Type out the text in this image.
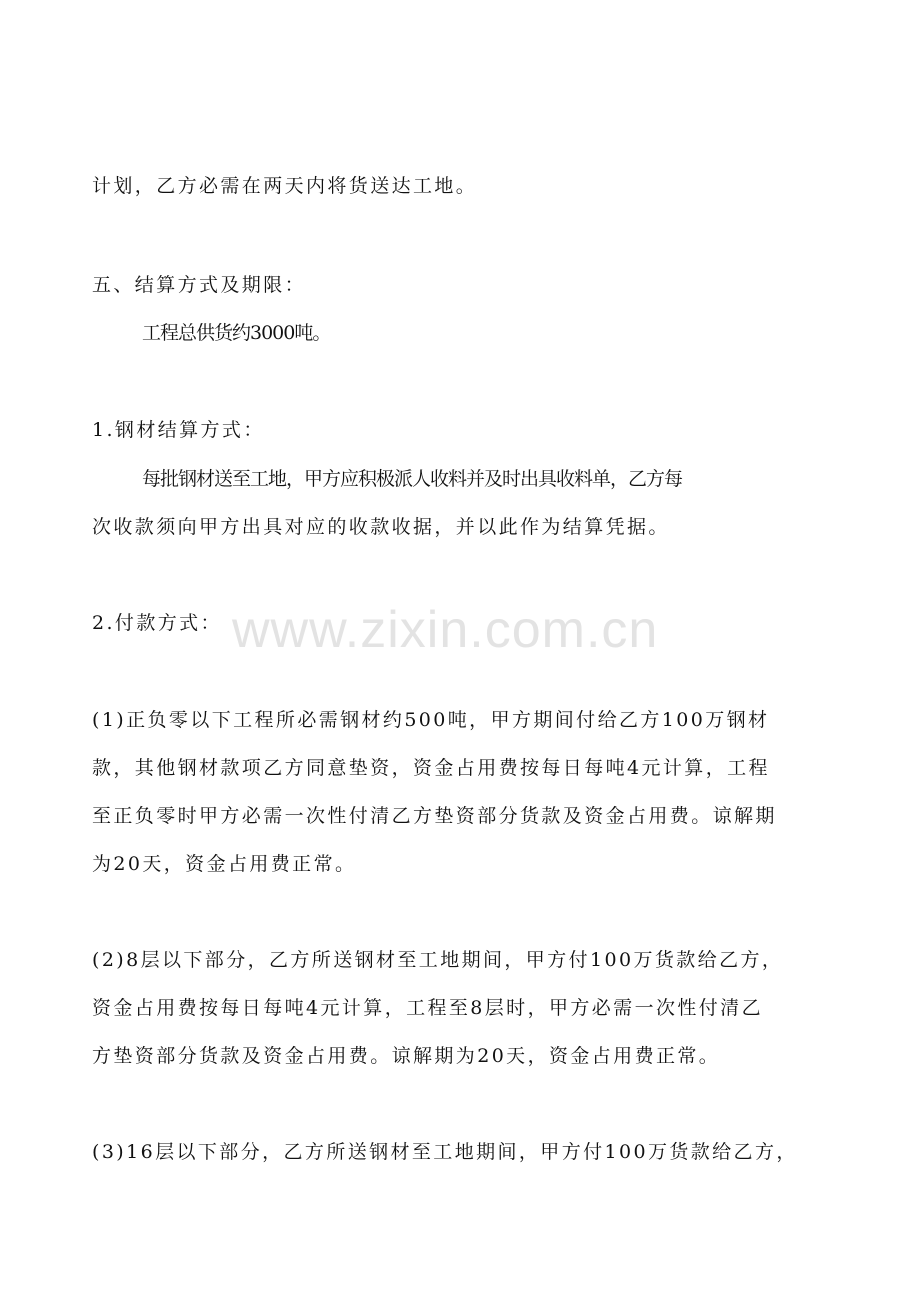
www.zixin.com.cn
计划，乙方必需在两天内将货送达工地。
五、结算方式及期限：
工程总供货约3000吨。
1.钢材结算方式：
每批钢材送至工地，甲方应积极派人收料并及时出具收料单，乙方每
次收款须向甲方出具对应的收款收据，并以此作为结算凭据。
2.付款方式：
(1)正负零以下工程所必需钢材约500吨，甲方期间付给乙方100万钢材
款，其他钢材款项乙方同意垫资，资金占用费按每日每吨4元计算，工程
至正负零时甲方必需一次性付清乙方垫资部分货款及资金占用费。谅解期
为20天，资金占用费正常。
(2)8层以下部分，乙方所送钢材至工地期间，甲方付100万货款给乙方，
资金占用费按每日每吨4元计算，工程至8层时，甲方必需一次性付清乙
方垫资部分货款及资金占用费。谅解期为20天，资金占用费正常。
(3)16层以下部分，乙方所送钢材至工地期间，甲方付100万货款给乙方，
